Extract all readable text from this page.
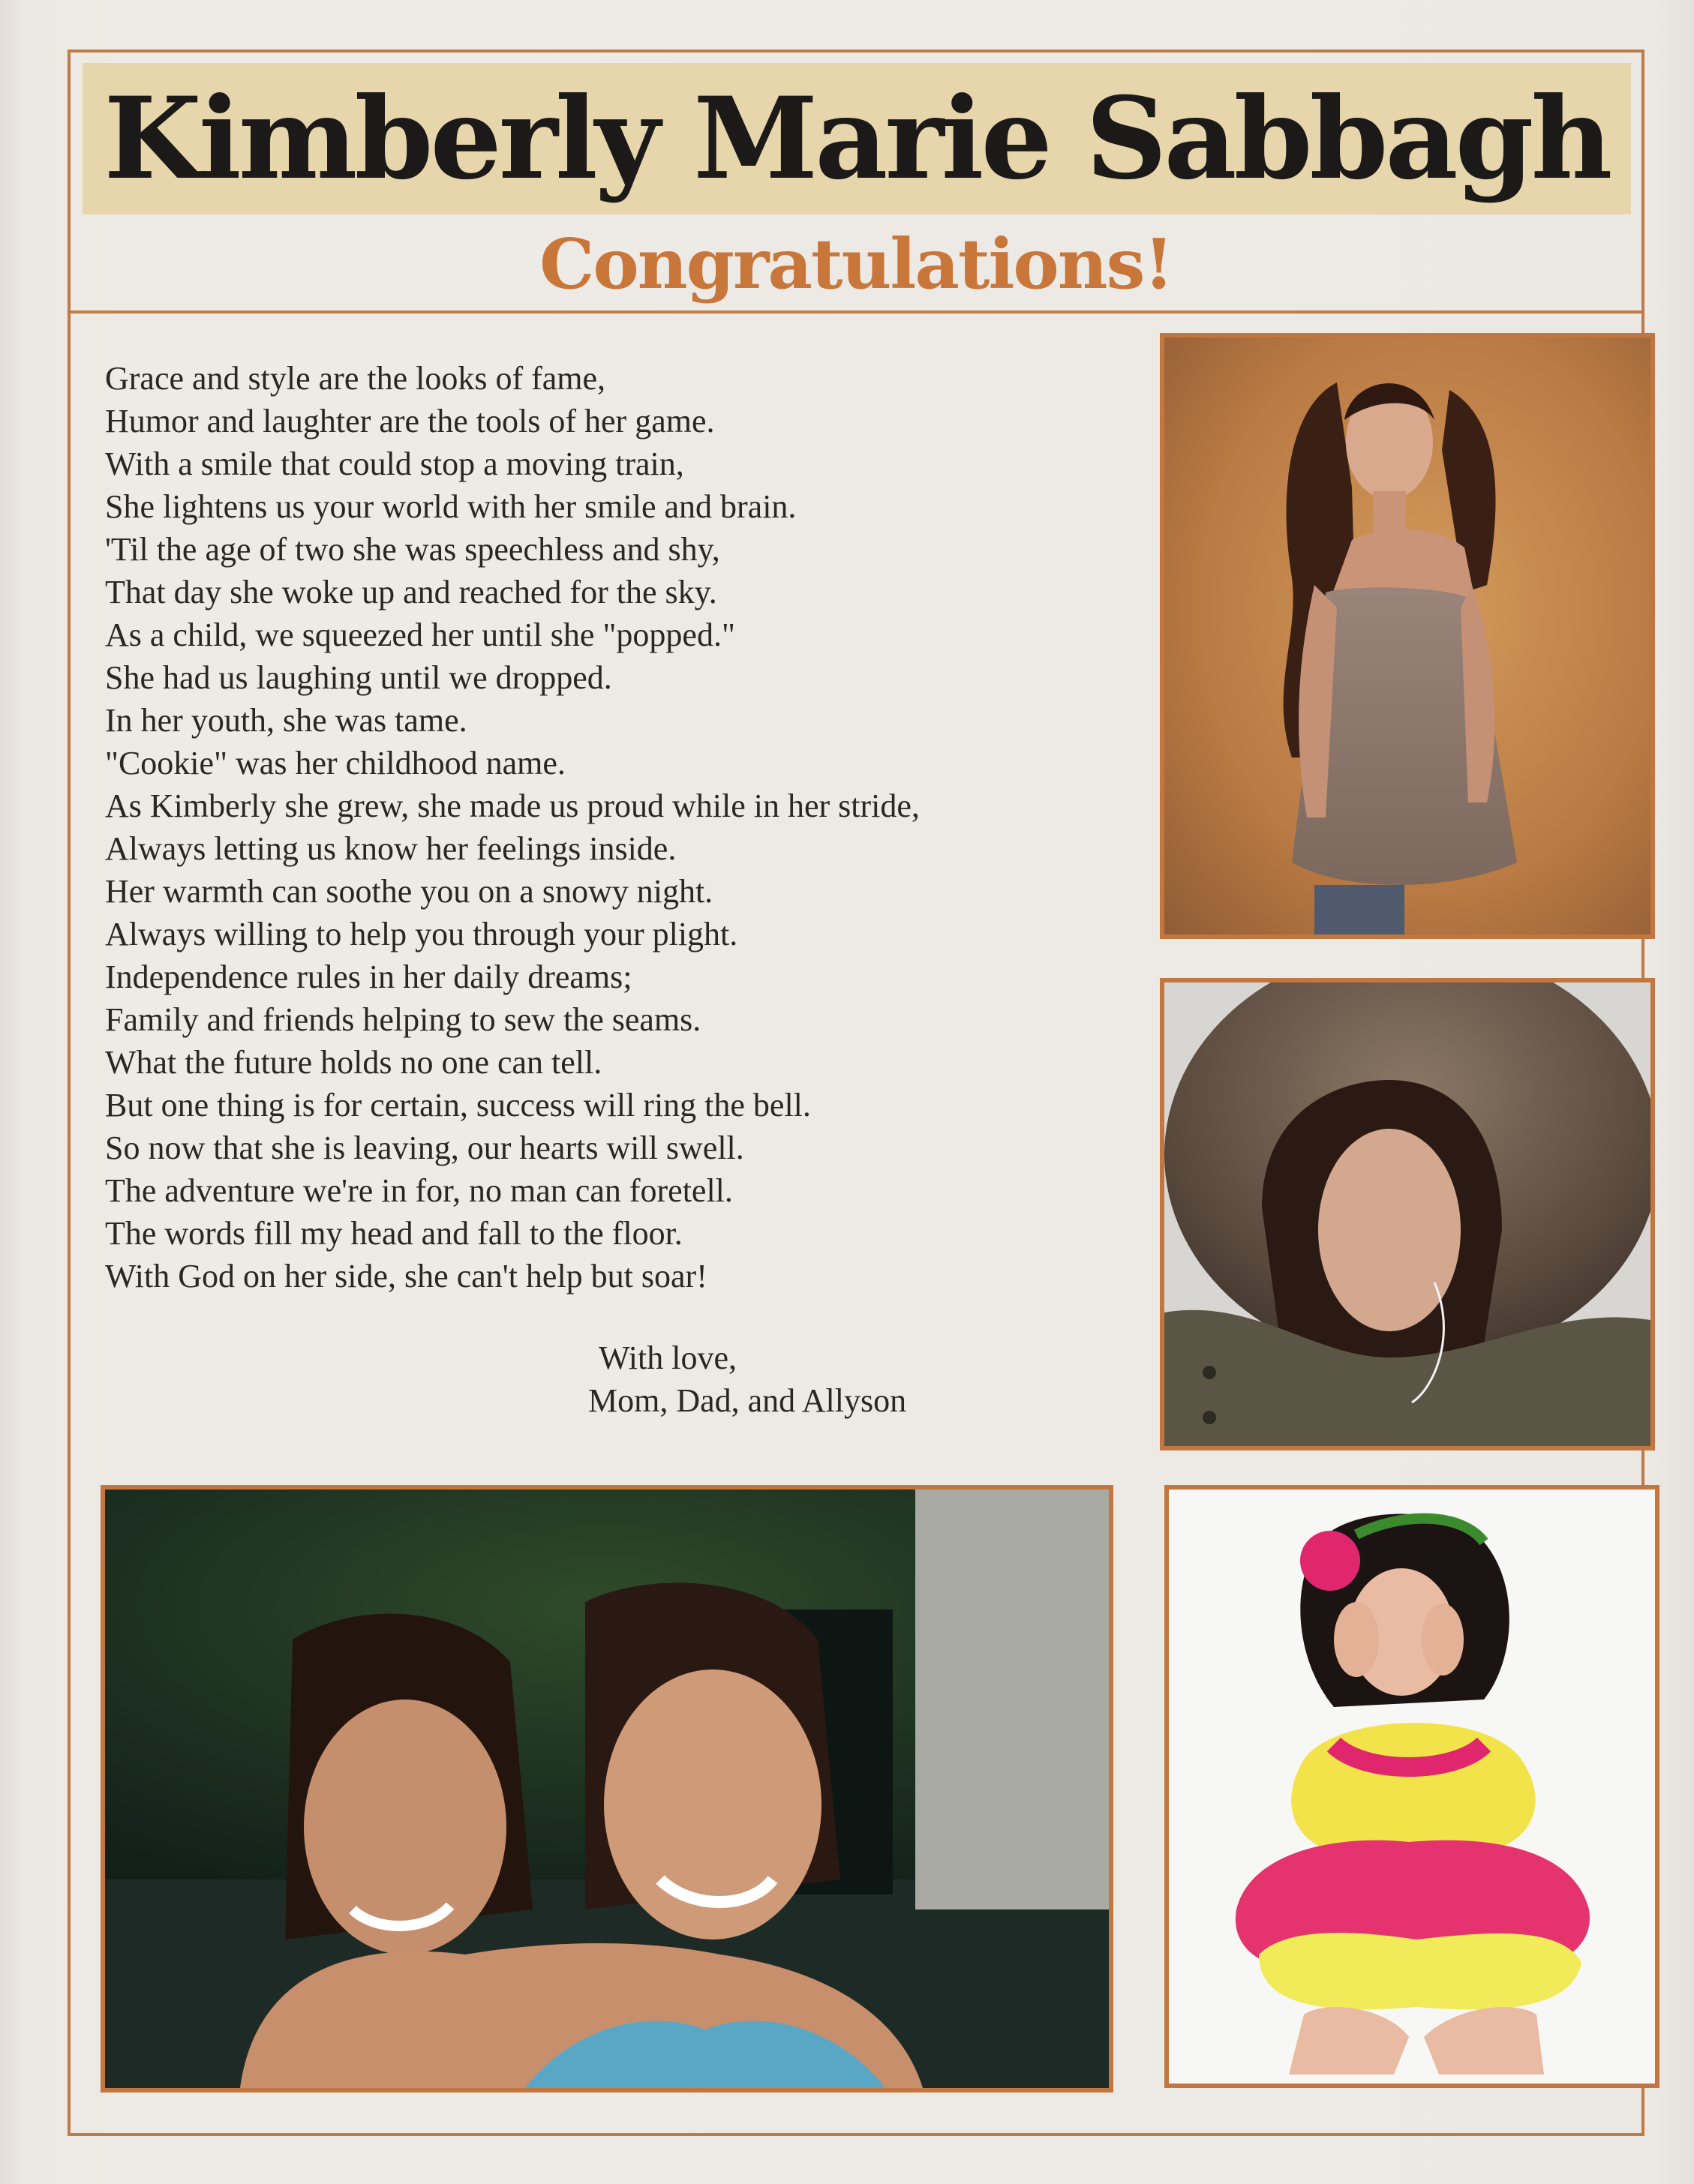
Kimberly Marie Sabbagh
Congratulations!
Grace and style are the looks of fame,
Humor and laughter are the tools of her game.
With a smile that could stop a moving train,
She lightens us your world with her smile and brain.
'Til the age of two she was speechless and shy,
That day she woke up and reached for the sky.
As a child, we squeezed her until she "popped."
She had us laughing until we dropped.
In her youth, she was tame.
"Cookie" was her childhood name.
As Kimberly she grew, she made us proud while in her stride,
Always letting us know her feelings inside.
Her warmth can soothe you on a snowy night.
Always willing to help you through your plight.
Independence rules in her daily dreams;
Family and friends helping to sew the seams.
What the future holds no one can tell.
But one thing is for certain, success will ring the bell.
So now that she is leaving, our hearts will swell.
The adventure we're in for, no man can foretell.
The words fill my head and fall to the floor.
With God on her side, she can't help but soar!
With love,
Mom, Dad, and Allyson
